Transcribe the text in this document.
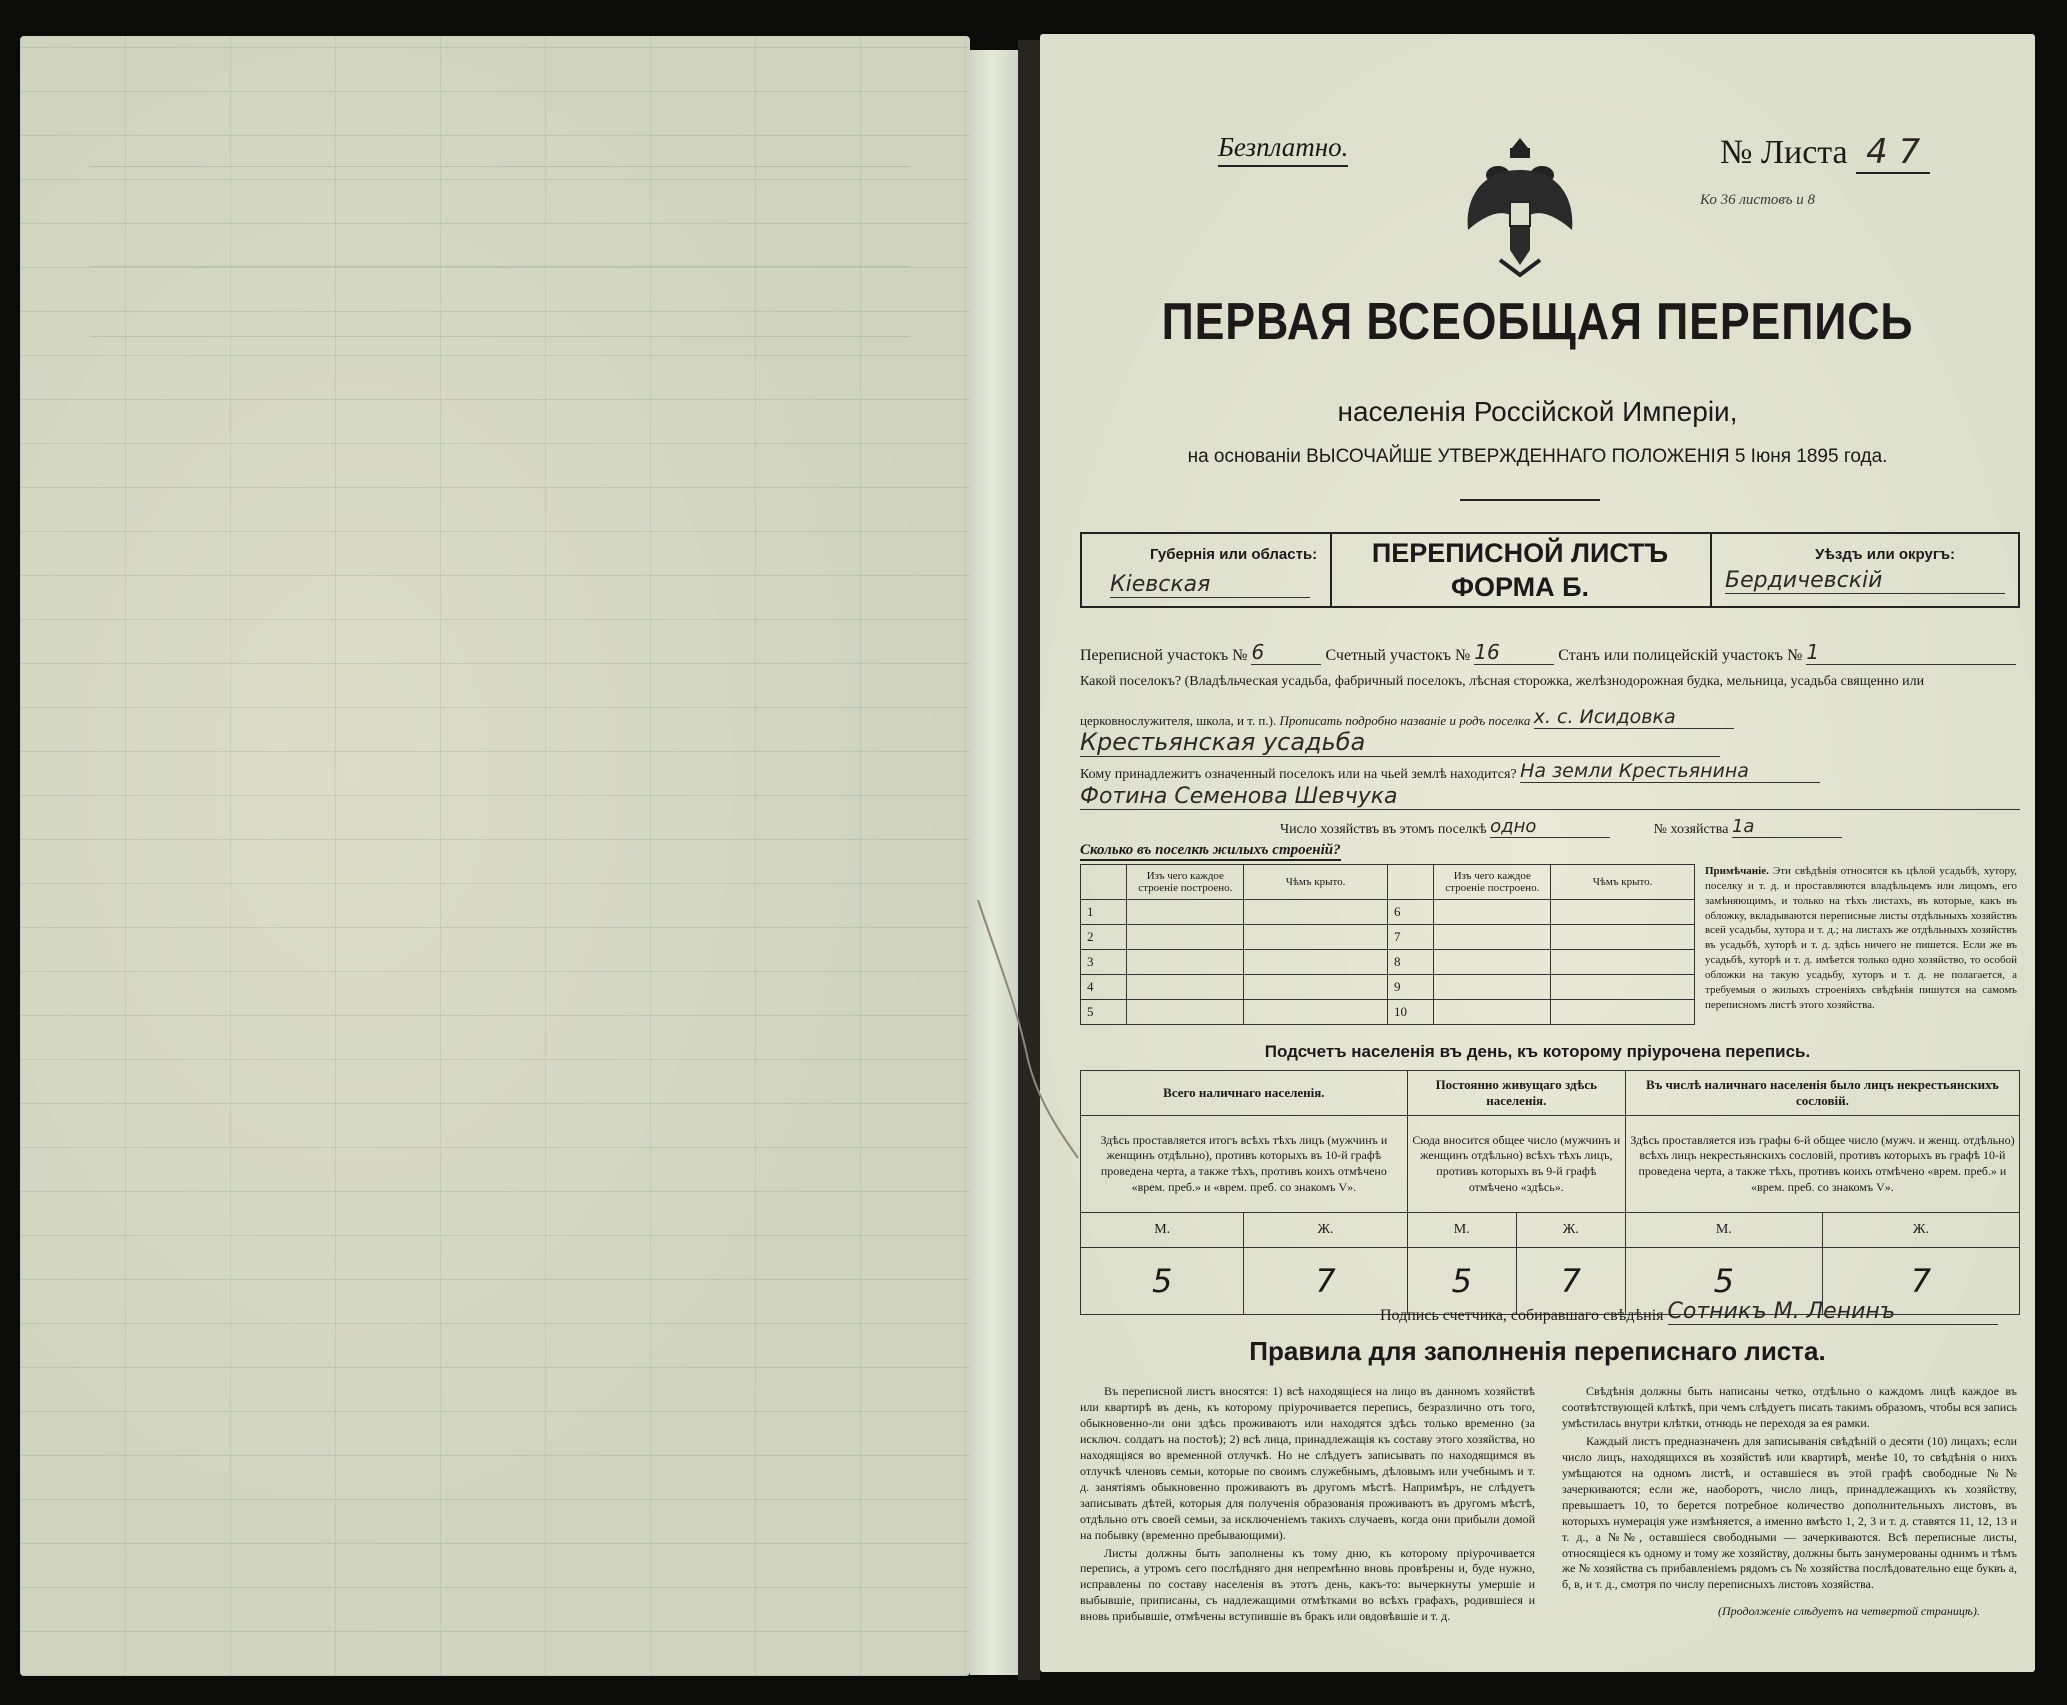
Безплатно.	№ Листа 4 7
Ко 36 листовъ и 8
ПЕРВАЯ ВСЕОБЩАЯ ПЕРЕПИСЬ
населенія Россійской Имперіи,
на основаніи ВЫСОЧАЙШЕ УТВЕРЖДЕННАГО ПОЛОЖЕНІЯ 5 Іюня 1895 года.
Губернія или область:
Кіевская
ПЕРЕПИСНОЙ ЛИСТЪ
ФОРМА Б.
Уѣздъ или округъ:
Бердичевскій
Переписной участокъ № 6	Счетный участокъ № 16	Станъ или полицейскій участокъ № 1
Какой поселокъ? (Владѣльческая усадьба, фабричный поселокъ, лѣсная сторожка, желѣзнодорожная будка, мельница, усадьба священно или
церковнослужителя, школа, и т. п.). Прописать подробно названіе и родъ поселка х. с. Исидовка
Крестьянская усадьба
Кому принадлежитъ означенный поселокъ или на чьей землѣ находится? На земли Крестьянина
Фотина Семенова Шевчука
Число хозяйствъ въ этомъ поселкѣ одно	№ хозяйства 1а
Сколько въ поселкѣ жилыхъ строеній?
	Изъ чего каждое строеніе построено.	Чѣмъ крыто.		Изъ чего каждое строеніе построено.	Чѣмъ крыто.
1			6		
2			7		
3			8		
4			9		
5			10		
Примѣчаніе. Эти свѣдѣнія относятся къ цѣлой усадьбѣ, хутору, поселку и т. д. и проставляются владѣльцемъ или лицомъ, его замѣняющимъ, и только на тѣхъ листахъ, въ которые, какъ въ обложку, вкладываются переписные листы отдѣльныхъ хозяйствъ всей усадьбы, хутора и т. д.; на листахъ же отдѣльныхъ хозяйствъ въ усадьбѣ, хуторѣ и т. д. здѣсь ничего не пишется. Если же въ усадьбѣ, хуторѣ и т. д. имѣется только одно хозяйство, то особой обложки на такую усадьбу, хуторъ и т. д. не полагается, а требуемыя о жилыхъ строеніяхъ свѣдѣнія пишутся на самомъ переписномъ листѣ этого хозяйства.
Подсчетъ населенія въ день, къ которому пріурочена перепись.
Всего наличнаго населенія.		Постоянно живущаго здѣсь населенія.		Въ числѣ наличнаго населенія было лицъ некрестьянскихъ сословій.	
Здѣсь проставляется итогъ всѣхъ тѣхъ лицъ (мужчинъ и женщинъ отдѣльно), противъ которыхъ въ 10-й графѣ проведена черта, а также тѣхъ, противъ коихъ отмѣчено «врем. преб.» и «врем. преб. со знакомъ V».		Сюда вносится общее число (мужчинъ и женщинъ отдѣльно) всѣхъ тѣхъ лицъ, противъ которыхъ въ 9-й графѣ отмѣчено «здѣсь».		Здѣсь проставляется изъ графы 6-й общее число (мужч. и женщ. отдѣльно) всѣхъ лицъ некрестьянскихъ сословій, противъ которыхъ въ графѣ 10-й проведена черта, а также тѣхъ, противъ коихъ отмѣчено «врем. преб.» и «врем. преб. со знакомъ V».	
М.	Ж.	М.	Ж.	М.	Ж.
5	7	5	7	5	7
Подпись счетчика, собиравшаго свѣдѣнія Сотникъ М. Ленинъ
Правила для заполненія переписнаго листа.

Въ переписной листъ вносятся: 1) всѣ находящіеся на лицо въ данномъ хозяйствѣ или квартирѣ въ день, къ которому пріурочивается перепись, безразлично отъ того, обыкновенно-ли они здѣсь проживаютъ или находятся здѣсь только временно (за исключ. солдатъ на постоѣ); 2) всѣ лица, принадлежащія къ составу этого хозяйства, но находящіяся во временной отлучкѣ. Но не слѣдуетъ записывать по находящимся въ отлучкѣ членовъ семьи, которые по своимъ служебнымъ, дѣловымъ или учебнымъ и т. д. занятіямъ обыкновенно проживаютъ въ другомъ мѣстѣ. Напримѣръ, не слѣдуетъ записывать дѣтей, которыя для полученія образованія проживаютъ въ другомъ мѣстѣ, отдѣльно отъ своей семьи, за исключеніемъ такихъ случаевъ, когда они прибыли домой на побывку (временно пребывающими).

Листы должны быть заполнены къ тому дню, къ которому пріурочивается перепись, а утромъ сего послѣдняго дня непремѣнно вновь провѣрены и, буде нужно, исправлены по составу населенія въ этотъ день, какъ-то: вычеркнуты умершіе и выбывшіе, приписаны, съ надлежащими отмѣтками во всѣхъ графахъ, родившіеся и вновь прибывшіе, отмѣчены вступившіе въ бракъ или овдовѣвшіе и т. д.

Свѣдѣнія должны быть написаны четко, отдѣльно о каждомъ лицѣ каждое въ соотвѣтствующей клѣткѣ, при чемъ слѣдуетъ писать такимъ образомъ, чтобы вся запись умѣстилась внутри клѣтки, отнюдь не переходя за ея рамки.

Каждый листъ предназначенъ для записыванія свѣдѣній о десяти (10) лицахъ; если число лицъ, находящихся въ хозяйствѣ или квартирѣ, менѣе 10, то свѣдѣнія о нихъ умѣщаются на одномъ листѣ, и оставшіеся въ этой графѣ свободные №№ зачеркиваются; если же, наоборотъ, число лицъ, принадлежащихъ къ хозяйству, превышаетъ 10, то берется потребное количество дополнительныхъ листовъ, въ которыхъ нумерація уже измѣняется, а именно вмѣсто 1, 2, 3 и т. д. ставятся 11, 12, 13 и т. д., а №№, оставшіеся свободными — зачеркиваются. Всѣ переписные листы, относящіеся къ одному и тому же хозяйству, должны быть занумерованы однимъ и тѣмъ же № хозяйства съ прибавленіемъ рядомъ съ № хозяйства послѣдовательно еще буквъ а, б, в, и т. д., смотря по числу переписныхъ листовъ хозяйства.

(Продолженіе слѣдуетъ на четвертой страницѣ).
